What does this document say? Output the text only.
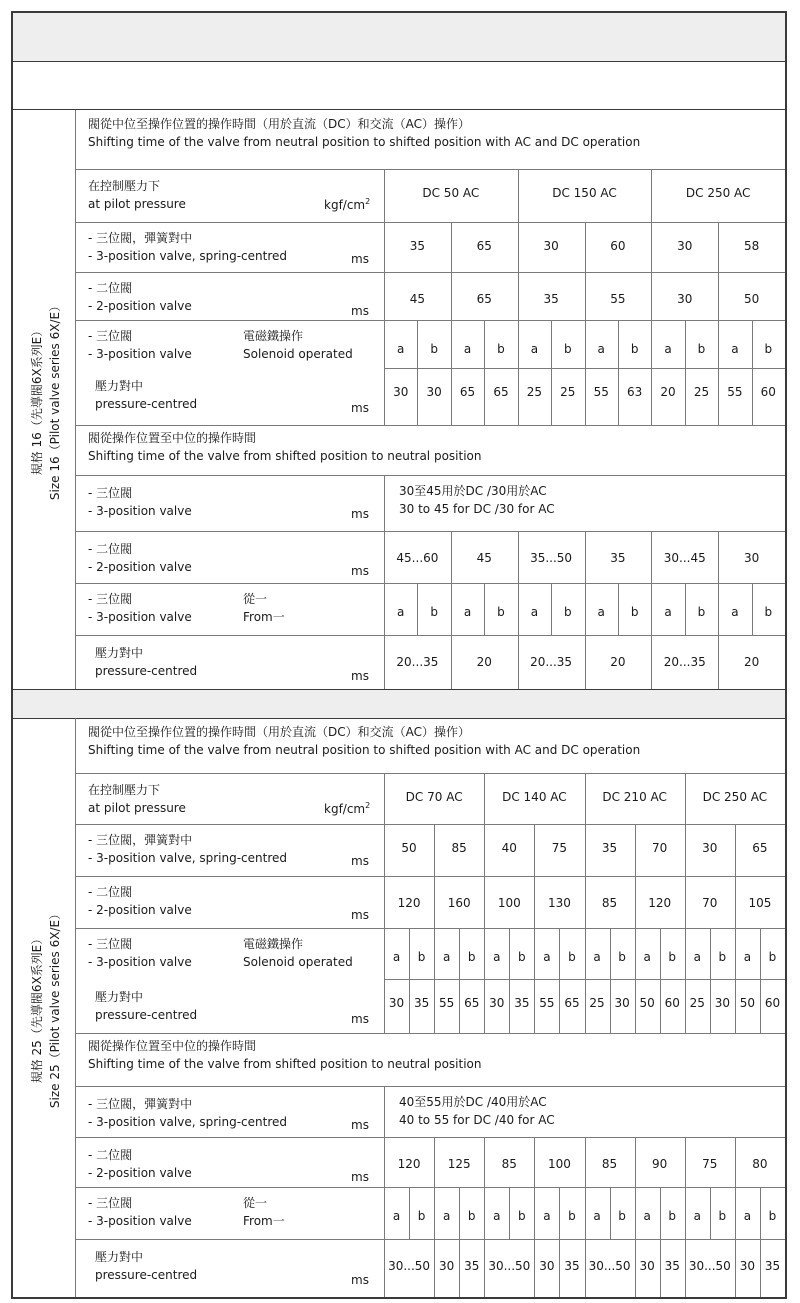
規格 16（先導閥6X系列E） Size 16（Pilot valve series 6X/E）
閥從中位至操作位置的操作時間（用於直流（DC）和交流（AC）操作）
Shifting time of the valve from neutral position to shifted position with AC and DC operation
在控制壓力下
at pilot pressure	kgf/$cm^2$
DC 50 AC	DC 150 AC	DC 250 AC
- 三位閥，彈簧對中
- 3-position valve, spring-centred	ms
35	65	30	60	30	58
- 二位閥
- 2-position valve	ms
45	65	35	55	30	50
- 三位閥
- 3-position valve
電磁鐵操作
Solenoid operated	a b a b a b a b a b a b
壓力對中
pressure-centred	ms
30 30 65 65 25 25 55 63 20 25 55 60
閥從操作位置至中位的操作時間
Shifting time of the valve from shifted position to neutral position
- 三位閥
- 3-position valve	ms
30至45用於DC /30用於AC
30 to 45 for DC /30 for AC
- 二位閥
- 2-position valve	ms
45...60	45	35...50	35	30...45	30
- 三位閥
- 3-position valve
從一
From一	a b a b a b a b a b a b
壓力對中
pressure-centred	ms
20...35	20	20...35	20	20...35	20
規格 25（先導閥6X系列E） Size 25（Pilot valve series 6X/E）
閥從中位至操作位置的操作時間（用於直流（DC）和交流（AC）操作）
Shifting time of the valve from neutral position to shifted position with AC and DC operation
在控制壓力下
at pilot pressure	kgf/$cm^2$
DC 70 AC	DC 140 AC	DC 210 AC	DC 250 AC
- 三位閥，彈簧對中
- 3-position valve, spring-centred	ms
50	85	40	75	35	70	30	65
- 二位閥
- 2-position valve	ms
120 160 100 130	85	120	70	105
- 三位閥
- 3-position valve
電磁鐵操作
Solenoid operated	a b a b a b a b a b a b a b a b
壓力對中
pressure-centred	ms
30 35 55 65 30 35 55 65 25 30 50 60 25 30 50 60
閥從操作位置至中位的操作時間
Shifting time of the valve from shifted position to neutral position
- 三位閥，彈簧對中
- 3-position valve, spring-centred	ms
40至55用於DC /40用於AC
40 to 55 for DC /40 for AC
- 二位閥
- 2-position valve	ms
120 125	85	100	85	90	75	80
- 三位閥
- 3-position valve
從一
From一	a b a b a b a b a b a b a b a b
壓力對中
pressure-centred	ms
30...50 30 35 30...50 30 35 30...50 30 35 30...50 30 35
